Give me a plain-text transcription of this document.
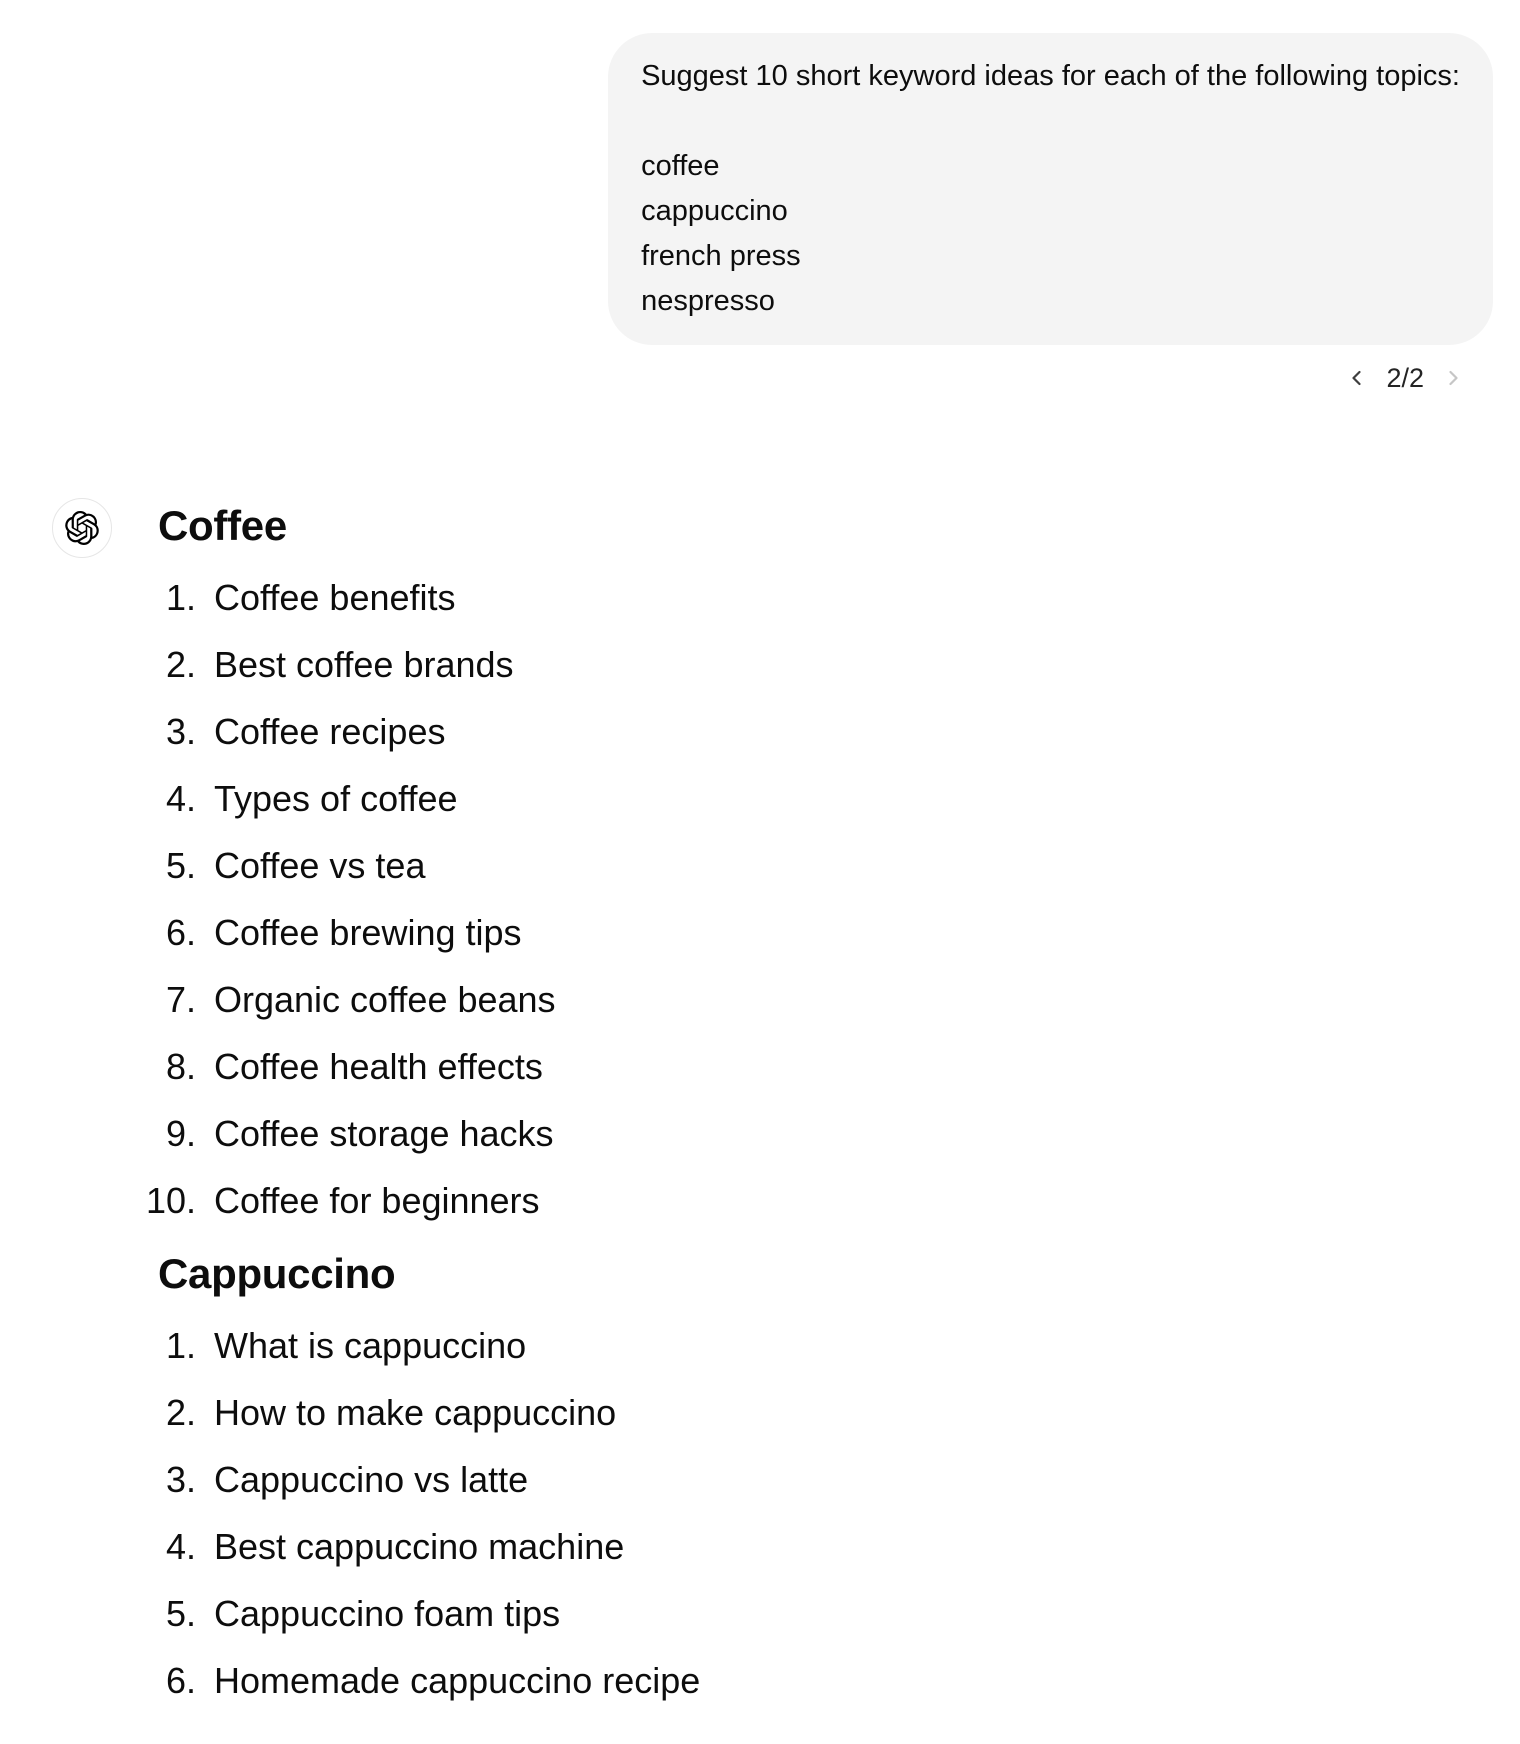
Suggest 10 short keyword ideas for each of the following topics:

coffee
cappuccino
french press
nespresso

2/2
Coffee
1. Coffee benefits
2. Best coffee brands
3. Coffee recipes
4. Types of coffee
5. Coffee vs tea
6. Coffee brewing tips
7. Organic coffee beans
8. Coffee health effects
9. Coffee storage hacks
10. Coffee for beginners
Cappuccino
1. What is cappuccino
2. How to make cappuccino
3. Cappuccino vs latte
4. Best cappuccino machine
5. Cappuccino foam tips
6. Homemade cappuccino recipe
